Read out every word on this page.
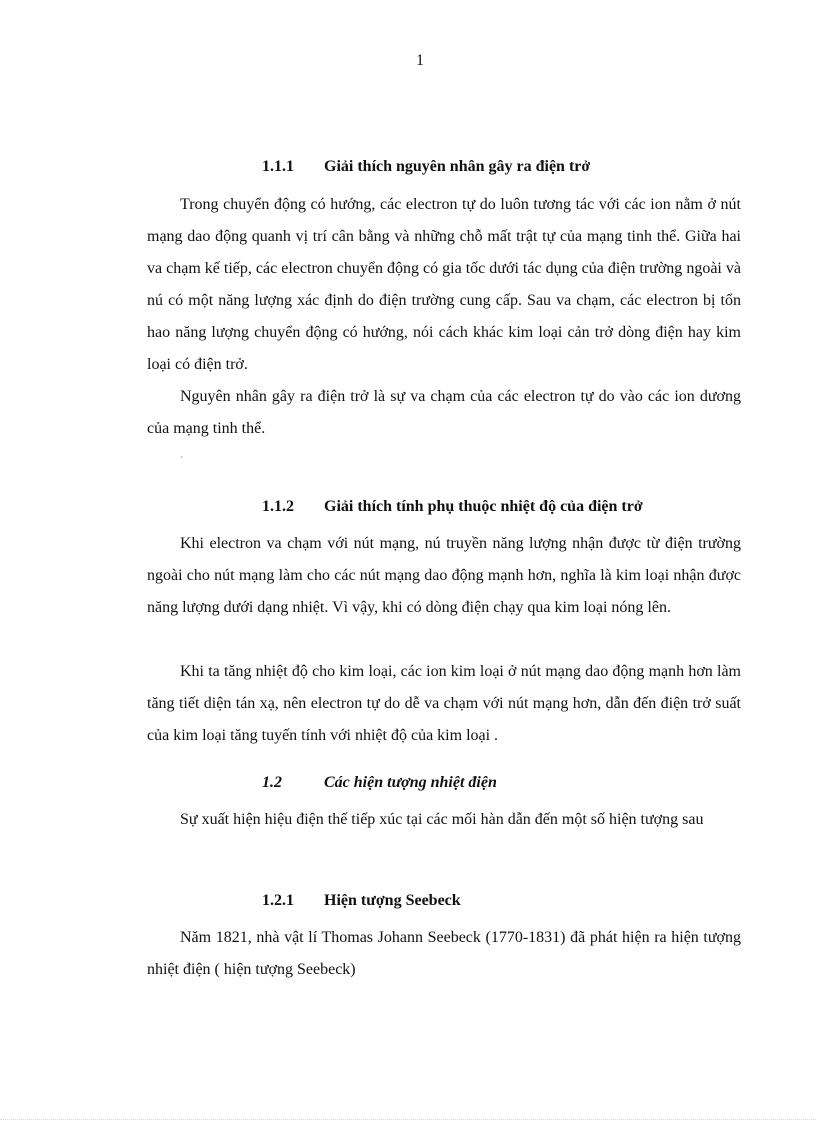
1
1.1.1 Giải thích nguyên nhân gây ra điện trở

Trong chuyển động có hướng, các electron tự do luôn tương tác với các ion nằm ở nút mạng dao động quanh vị trí cân bằng và những chỗ mất trật tự của mạng tinh thể. Giữa hai va chạm kế tiếp, các electron chuyển động có gia tốc dưới tác dụng của điện trường ngoài và nú có một năng lượng xác định do điện trường cung cấp. Sau va chạm, các electron bị tổn hao năng lượng chuyển động có hướng, nói cách khác kim loại cản trở dòng điện hay kim loại có điện trở.

Nguyên nhân gây ra điện trở là sự va chạm của các electron tự do vào các ion dương của mạng tinh thể.

`
1.1.2 Giải thích tính phụ thuộc nhiệt độ của điện trở

Khi electron va chạm với nút mạng, nú truyền năng lượng nhận được từ điện trường ngoài cho nút mạng làm cho các nút mạng dao động mạnh hơn, nghĩa là kim loại nhận được năng lượng dưới dạng nhiệt. Vì vậy, khi có dòng điện chạy qua kim loại nóng lên.

Khi ta tăng nhiệt độ cho kim loại, các ion kim loại ở nút mạng dao động mạnh hơn làm tăng tiết diện tán xạ, nên electron tự do dễ va chạm với nút mạng hơn, dẫn đến điện trở suất của kim loại tăng tuyến tính với nhiệt độ của kim loại .

1.2	Các hiện tượng nhiệt điện

Sự xuất hiện hiệu điện thế tiếp xúc tại các mối hàn dẫn đến một số hiện tượng sau

1.2.1 Hiện tượng Seebeck

Năm 1821, nhà vật lí Thomas Johann Seebeck (1770-1831) đã phát hiện ra hiện tượng nhiệt điện ( hiện tượng Seebeck)
